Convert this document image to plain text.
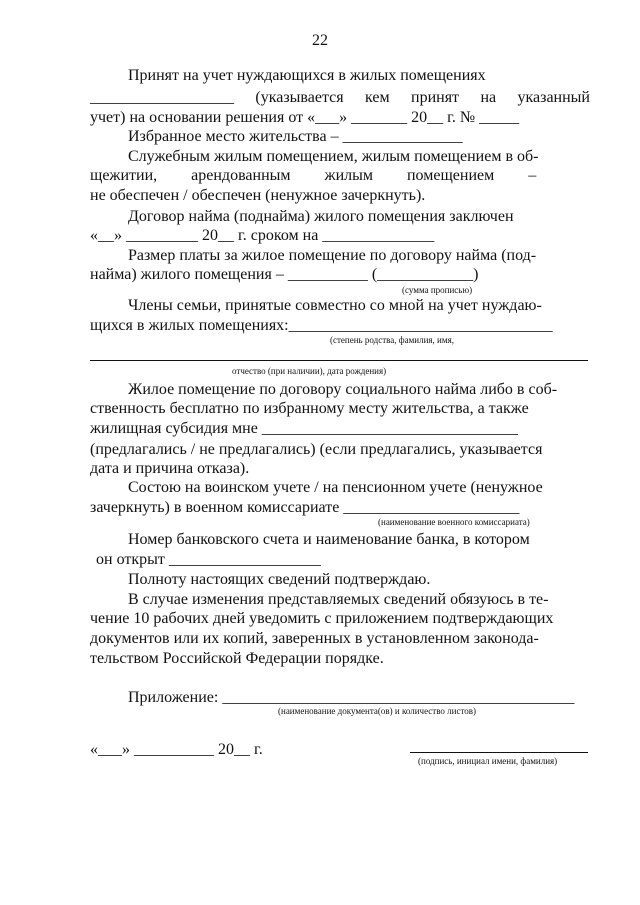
22
Принят на учет нуждающихся в жилых помещениях
__________________ (указывается кем принят на указанный
учет) на основании решения от «___» _______ 20__ г. № _____
Избранное место жительства – _______________
Служебным жилым помещением, жилым помещением в об-
щежитии, арендованным жилым помещением –
не обеспечен / обеспечен (ненужное зачеркнуть).
Договор найма (поднайма) жилого помещения заключен
«__» _________ 20__ г. сроком на ______________
Размер платы за жилое помещение по договору найма (под-
найма) жилого помещения – __________ (____________)
(сумма прописью)
Члены семьи, принятые совместно со мной на учет нуждаю-
щихся в жилых помещениях:_________________________________
(степень родства, фамилия, имя,
отчество (при наличии), дата рождения)
Жилое помещение по договору социального найма либо в соб-
ственность бесплатно по избранному месту жительства, а также
жилищная субсидия мне ________________________________
(предлагались / не предлагались) (если предлагались, указывается
дата и причина отказа).
Состою на воинском учете / на пенсионном учете (ненужное
зачеркнуть) в военном комиссариате ______________________
(наименование военного комиссариата)
Номер банковского счета и наименование банка, в котором
он открыт ___________________
Полноту настоящих сведений подтверждаю.
В случае изменения представляемых сведений обязуюсь в те-
чение 10 рабочих дней уведомить с приложением подтверждающих
документов или их копий, заверенных в установленном законода-
тельством Российской Федерации порядке.
Приложение: ____________________________________________
(наименование документа(ов) и количество листов)
«___» __________ 20__ г.
(подпись, инициал имени, фамилия)
